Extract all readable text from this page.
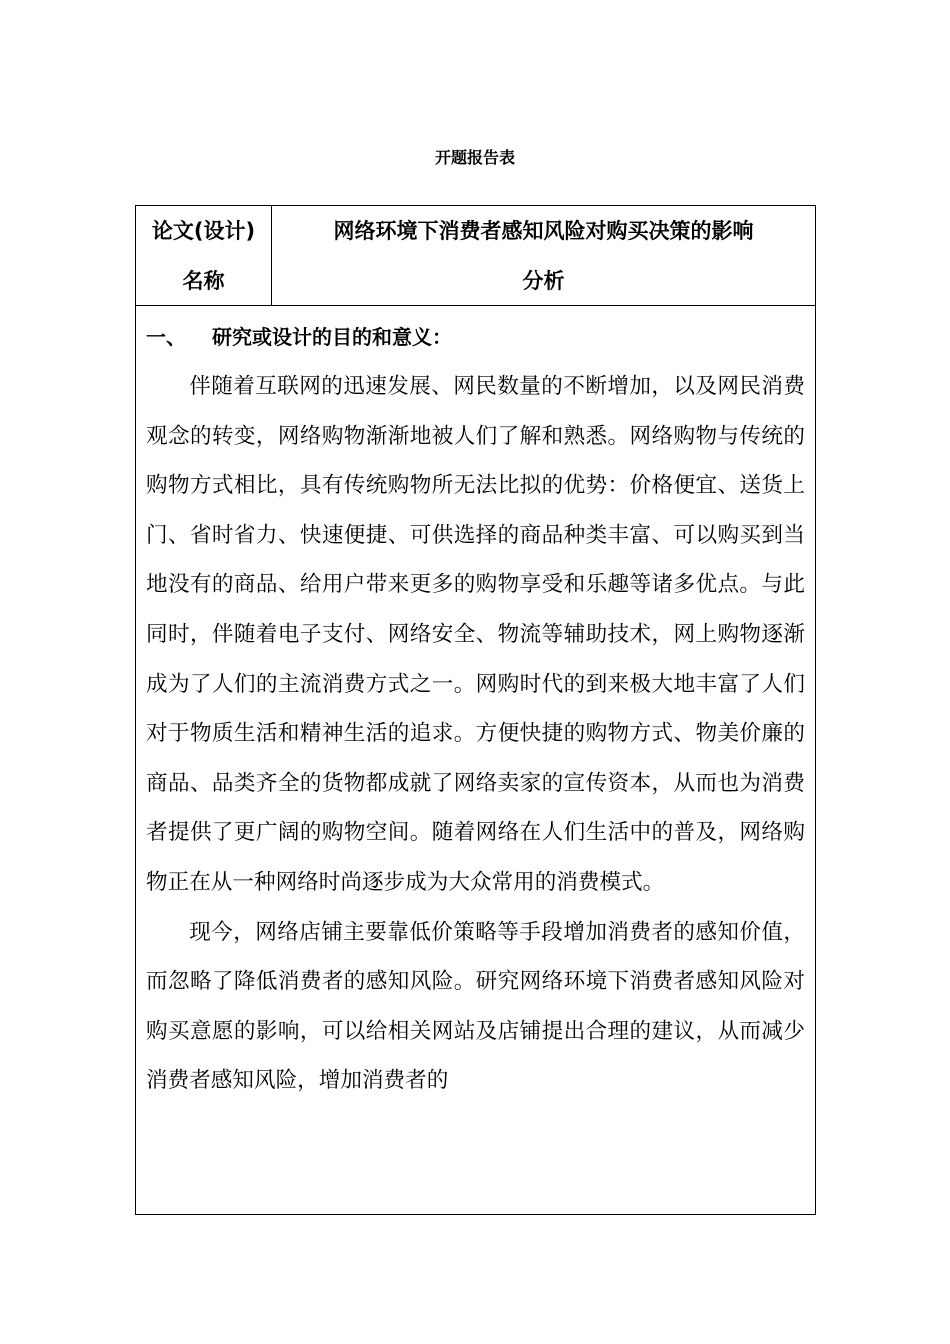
开题报告表
论文(设计)
名称
网络环境下消费者感知风险对购买决策的影响
分析
一、	研究或设计的目的和意义：

伴随着互联网的迅速发展、网民数量的不断增加，以及网民消费观念的转变，网络购物渐渐地被人们了解和熟悉。网络购物与传统的购物方式相比，具有传统购物所无法比拟的优势：价格便宜、送货上门、省时省力、快速便捷、可供选择的商品种类丰富、可以购买到当地没有的商品、给用户带来更多的购物享受和乐趣等诸多优点。与此同时，伴随着电子支付、网络安全、物流等辅助技术，网上购物逐渐成为了人们的主流消费方式之一。网购时代的到来极大地丰富了人们对于物质生活和精神生活的追求。方便快捷的购物方式、物美价廉的商品、品类齐全的货物都成就了网络卖家的宣传资本，从而也为消费者提供了更广阔的购物空间。随着网络在人们生活中的普及，网络购物正在从一种网络时尚逐步成为大众常用的消费模式。

现今，网络店铺主要靠低价策略等手段增加消费者的感知价值，而忽略了降低消费者的感知风险。研究网络环境下消费者感知风险对购买意愿的影响，可以给相关网站及店铺提出合理的建议，从而减少消费者感知风险，增加消费者的
